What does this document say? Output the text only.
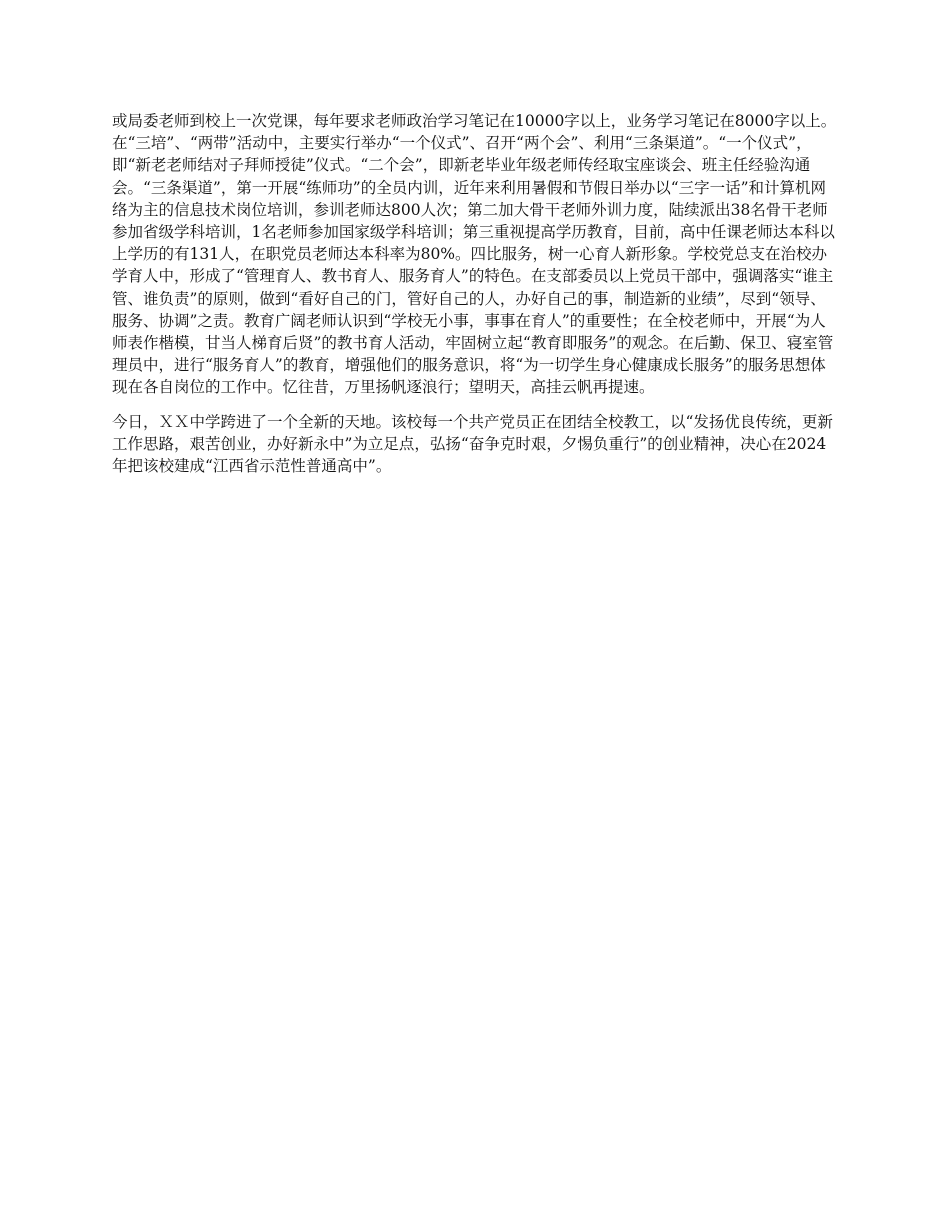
或局委老师到校上一次党课，每年要求老师政治学习笔记在10000字以上，业务学习笔记在8000字以上。在“三培”、“两带”活动中，主要实行举办“一个仪式”、召开“两个会”、利用“三条渠道”。“一个仪式”，即“新老老师结对子拜师授徒”仪式。“二个会”，即新老毕业年级老师传经取宝座谈会、班主任经验沟通会。“三条渠道”，第一开展“练师功”的全员内训，近年来利用暑假和节假日举办以“三字一话”和计算机网络为主的信息技术岗位培训，参训老师达800人次；第二加大骨干老师外训力度，陆续派出38名骨干老师参加省级学科培训，1名老师参加国家级学科培训；第三重视提高学历教育，目前，高中任课老师达本科以上学历的有131人，在职党员老师达本科率为80%。四比服务，树一心育人新形象。学校党总支在治校办学育人中，形成了“管理育人、教书育人、服务育人”的特色。在支部委员以上党员干部中，强调落实“谁主管、谁负责”的原则，做到“看好自己的门，管好自己的人，办好自己的事，制造新的业绩”，尽到“领导、服务、协调”之责。教育广阔老师认识到“学校无小事，事事在育人”的重要性；在全校老师中，开展“为人师表作楷模，甘当人梯育后贤”的教书育人活动，牢固树立起“教育即服务”的观念。在后勤、保卫、寝室管理员中，进行“服务育人”的教育，增强他们的服务意识，将“为一切学生身心健康成长服务”的服务思想体现在各自岗位的工作中。忆往昔，万里扬帆逐浪行；望明天，高挂云帆再提速。

今日，ＸＸ中学跨进了一个全新的天地。该校每一个共产党员正在团结全校教工，以“发扬优良传统，更新工作思路，艰苦创业，办好新永中”为立足点，弘扬“奋争克时艰，夕惕负重行”的创业精神，决心在2024年把该校建成“江西省示范性普通高中”。
